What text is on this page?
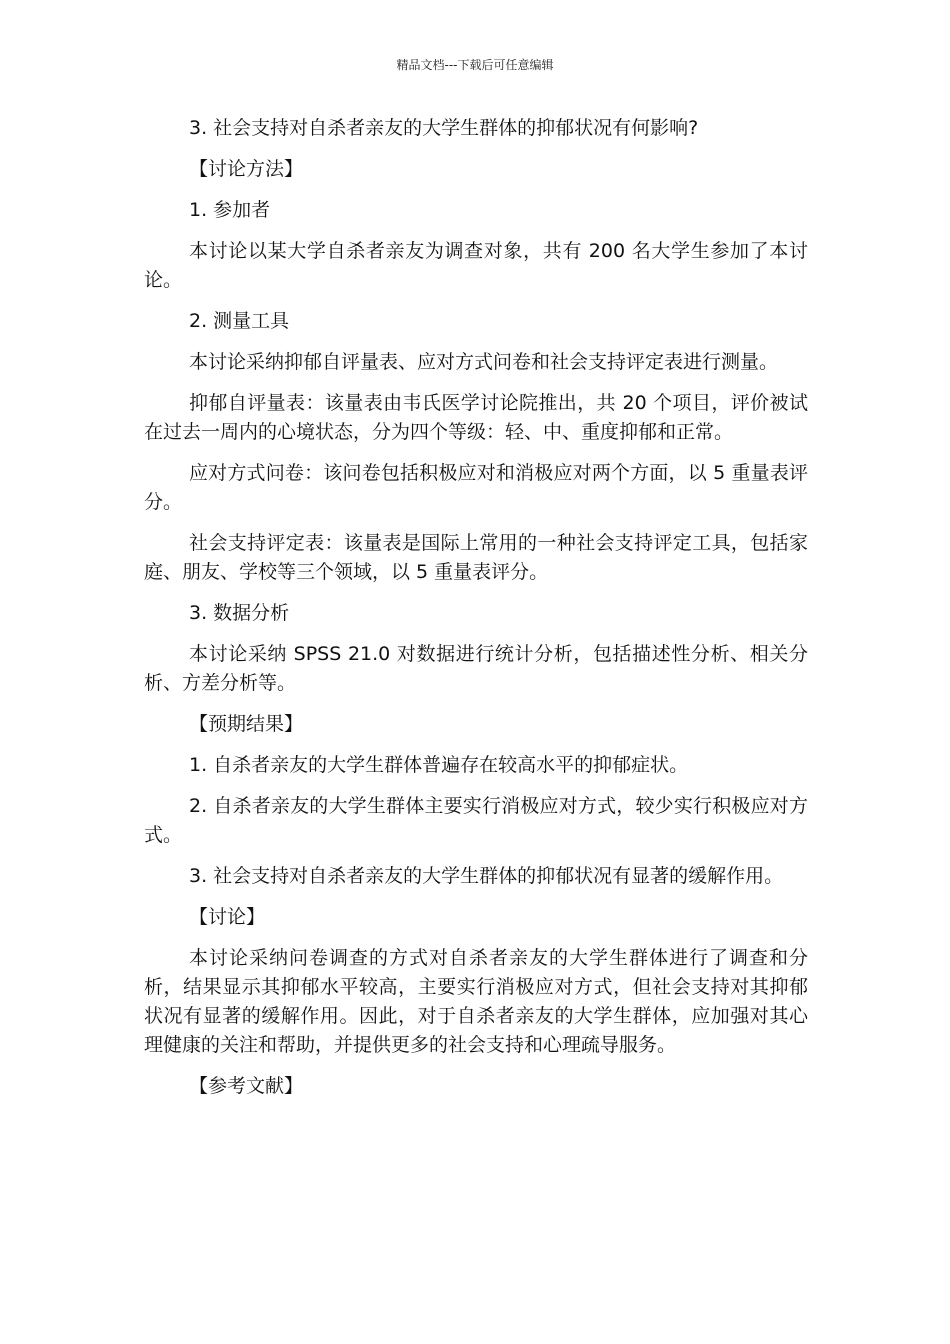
精品文档---下载后可任意编辑

3. 社会支持对自杀者亲友的大学生群体的抑郁状况有何影响?

【讨论方法】

1. 参加者

本讨论以某大学自杀者亲友为调查对象，共有 200 名大学生参加了本讨论。

2. 测量工具

本讨论采纳抑郁自评量表、应对方式问卷和社会支持评定表进行测量。

抑郁自评量表：该量表由韦氏医学讨论院推出，共 20 个项目，评价被试在过去一周内的心境状态，分为四个等级：轻、中、重度抑郁和正常。

应对方式问卷：该问卷包括积极应对和消极应对两个方面，以 5 重量表评分。

社会支持评定表：该量表是国际上常用的一种社会支持评定工具，包括家庭、朋友、学校等三个领域，以 5 重量表评分。

3. 数据分析

本讨论采纳 SPSS 21.0 对数据进行统计分析，包括描述性分析、相关分析、方差分析等。

【预期结果】

1. 自杀者亲友的大学生群体普遍存在较高水平的抑郁症状。

2. 自杀者亲友的大学生群体主要实行消极应对方式，较少实行积极应对方式。

3. 社会支持对自杀者亲友的大学生群体的抑郁状况有显著的缓解作用。

【讨论】

本讨论采纳问卷调查的方式对自杀者亲友的大学生群体进行了调查和分析，结果显示其抑郁水平较高，主要实行消极应对方式，但社会支持对其抑郁状况有显著的缓解作用。因此，对于自杀者亲友的大学生群体，应加强对其心理健康的关注和帮助，并提供更多的社会支持和心理疏导服务。

【参考文献】
